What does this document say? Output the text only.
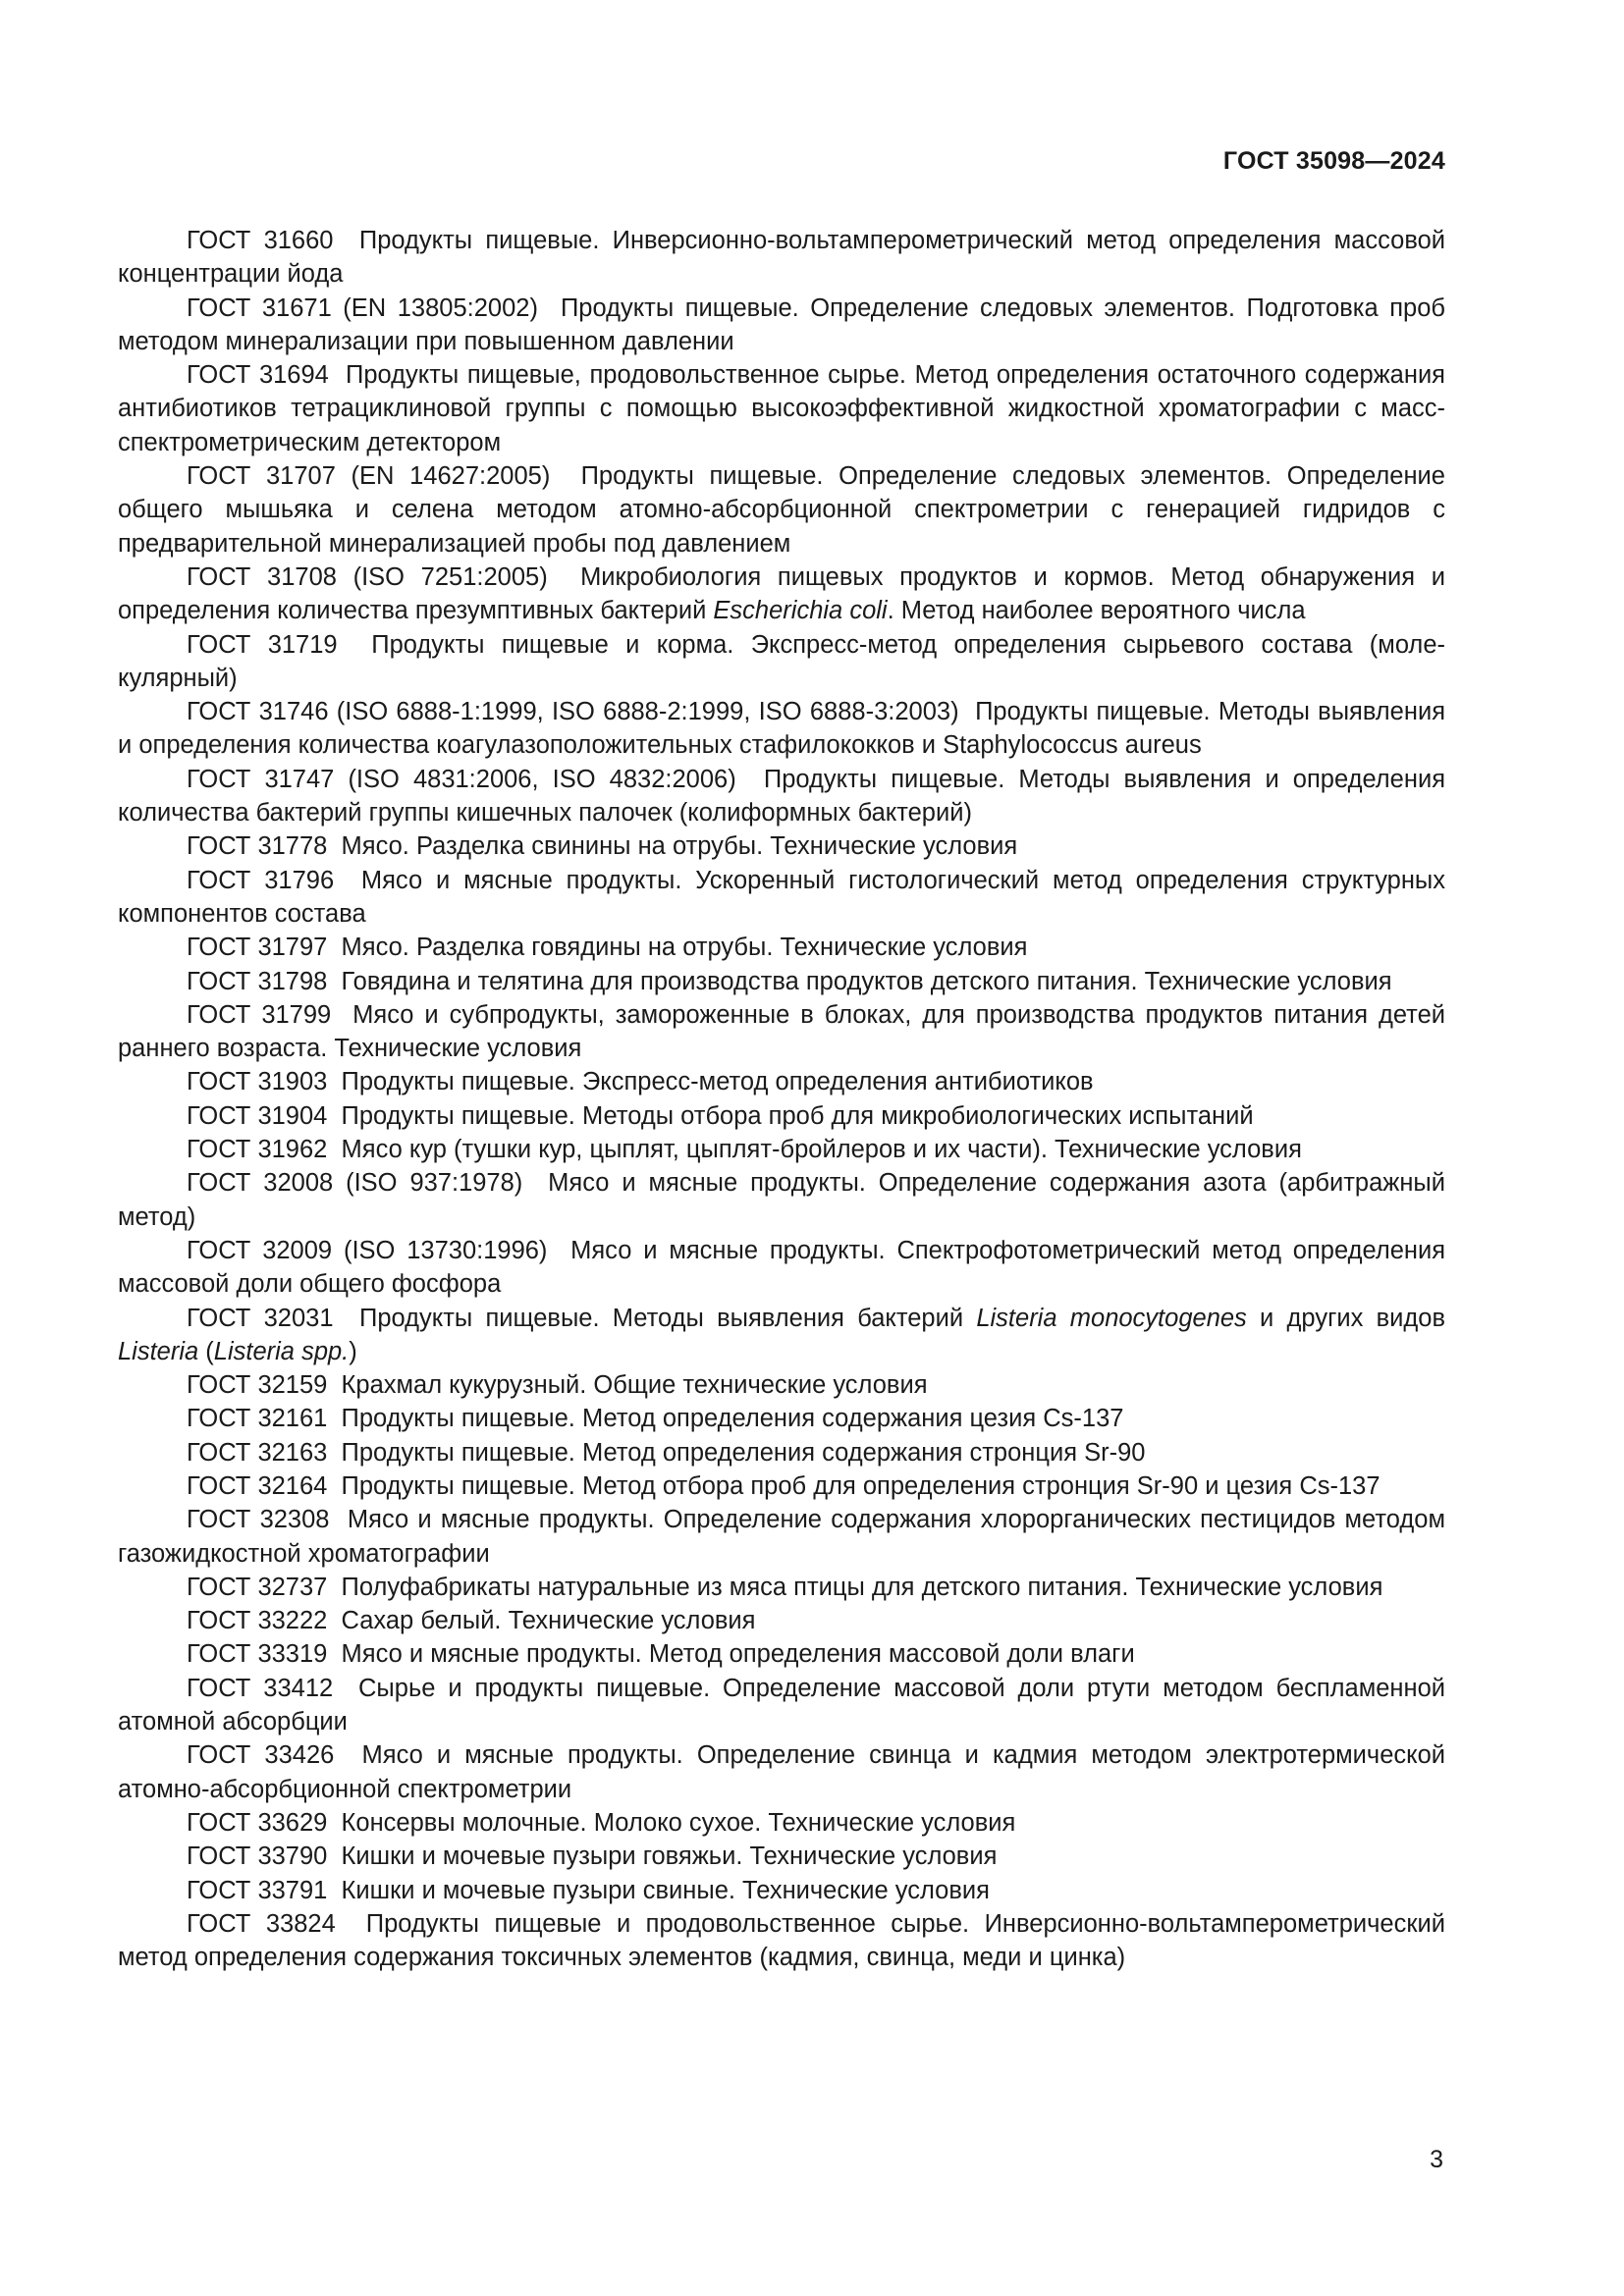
ГОСТ 35098—2024

ГОСТ 31660 Продукты пищевые. Инверсионно-вольтамперометрический метод определения массовой концентрации йода

ГОСТ 31671 (EN 13805:2002) Продукты пищевые. Определение следовых элементов. Подготовка проб методом минерализации при повышенном давлении

ГОСТ 31694 Продукты пищевые, продовольственное сырье. Метод определения остаточного содержания антибиотиков тетрациклиновой группы с помощью высокоэффективной жидкостной хроматографии с масс-спектрометрическим детектором

ГОСТ 31707 (EN 14627:2005) Продукты пищевые. Определение следовых элементов. Определение общего мышьяка и селена методом атомно-абсорбционной спектрометрии с генерацией гидридов с предварительной минерализацией пробы под давлением

ГОСТ 31708 (ISO 7251:2005) Микробиология пищевых продуктов и кормов. Метод обнаружения и определения количества презумптивных бактерий Escherichia coli. Метод наиболее вероятного числа

ГОСТ 31719 Продукты пищевые и корма. Экспресс-метод определения сырьевого состава (молекулярный)

ГОСТ 31746 (ISO 6888-1:1999, ISO 6888-2:1999, ISO 6888-3:2003) Продукты пищевые. Методы выявления и определения количества коагулазоположительных стафилококков и Staphylococcus aureus

ГОСТ 31747 (ISO 4831:2006, ISO 4832:2006) Продукты пищевые. Методы выявления и определения количества бактерий группы кишечных палочек (колиформных бактерий)

ГОСТ 31778 Мясо. Разделка свинины на отрубы. Технические условия

ГОСТ 31796 Мясо и мясные продукты. Ускоренный гистологический метод определения структурных компонентов состава

ГОСТ 31797 Мясо. Разделка говядины на отрубы. Технические условия

ГОСТ 31798 Говядина и телятина для производства продуктов детского питания. Технические условия

ГОСТ 31799 Мясо и субпродукты, замороженные в блоках, для производства продуктов питания детей раннего возраста. Технические условия

ГОСТ 31903 Продукты пищевые. Экспресс-метод определения антибиотиков

ГОСТ 31904 Продукты пищевые. Методы отбора проб для микробиологических испытаний

ГОСТ 31962 Мясо кур (тушки кур, цыплят, цыплят-бройлеров и их части). Технические условия

ГОСТ 32008 (ISO 937:1978) Мясо и мясные продукты. Определение содержания азота (арбитражный метод)

ГОСТ 32009 (ISO 13730:1996) Мясо и мясные продукты. Спектрофотометрический метод определения массовой доли общего фосфора

ГОСТ 32031 Продукты пищевые. Методы выявления бактерий Listeria monocytogenes и других видов Listeria (Listeria spp.)

ГОСТ 32159 Крахмал кукурузный. Общие технические условия

ГОСТ 32161 Продукты пищевые. Метод определения содержания цезия Cs-137

ГОСТ 32163 Продукты пищевые. Метод определения содержания стронция Sr-90

ГОСТ 32164 Продукты пищевые. Метод отбора проб для определения стронция Sr-90 и цезия Cs-137

ГОСТ 32308 Мясо и мясные продукты. Определение содержания хлорорганических пестицидов методом газожидкостной хроматографии

ГОСТ 32737 Полуфабрикаты натуральные из мяса птицы для детского питания. Технические условия

ГОСТ 33222 Сахар белый. Технические условия

ГОСТ 33319 Мясо и мясные продукты. Метод определения массовой доли влаги

ГОСТ 33412 Сырье и продукты пищевые. Определение массовой доли ртути методом беспламенной атомной абсорбции

ГОСТ 33426 Мясо и мясные продукты. Определение свинца и кадмия методом электротермической атомно-абсорбционной спектрометрии

ГОСТ 33629 Консервы молочные. Молоко сухое. Технические условия

ГОСТ 33790 Кишки и мочевые пузыри говяжьи. Технические условия

ГОСТ 33791 Кишки и мочевые пузыри свиные. Технические условия

ГОСТ 33824 Продукты пищевые и продовольственное сырье. Инверсионно-вольтамперометрический метод определения содержания токсичных элементов (кадмия, свинца, меди и цинка)

3
